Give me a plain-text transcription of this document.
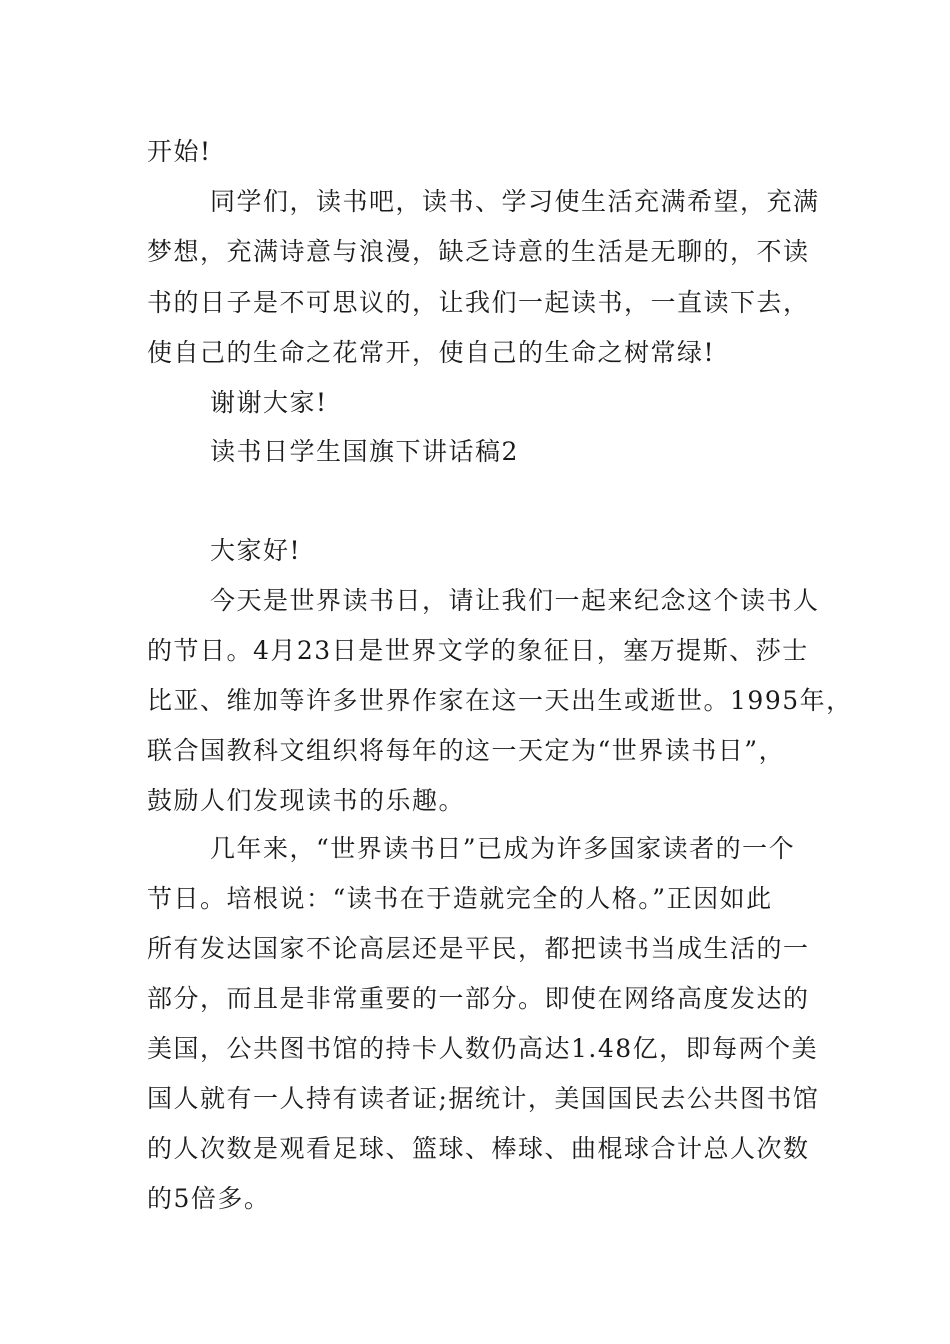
开始!
同学们，读书吧，读书、学习使生活充满希望，充满
梦想，充满诗意与浪漫，缺乏诗意的生活是无聊的，不读
书的日子是不可思议的，让我们一起读书，一直读下去，
使自己的生命之花常开，使自己的生命之树常绿!
谢谢大家!
读书日学生国旗下讲话稿2
大家好!
今天是世界读书日，请让我们一起来纪念这个读书人
的节日。4月23日是世界文学的象征日，塞万提斯、莎士
比亚、维加等许多世界作家在这一天出生或逝世。1995年，
联合国教科文组织将每年的这一天定为“世界读书日”，
鼓励人们发现读书的乐趣。
几年来，“世界读书日”已成为许多国家读者的一个
节日。培根说：“读书在于造就完全的人格。”正因如此
所有发达国家不论高层还是平民，都把读书当成生活的一
部分，而且是非常重要的一部分。即使在网络高度发达的
美国，公共图书馆的持卡人数仍高达1.48亿，即每两个美
国人就有一人持有读者证;据统计，美国国民去公共图书馆
的人次数是观看足球、篮球、棒球、曲棍球合计总人次数
的5倍多。
